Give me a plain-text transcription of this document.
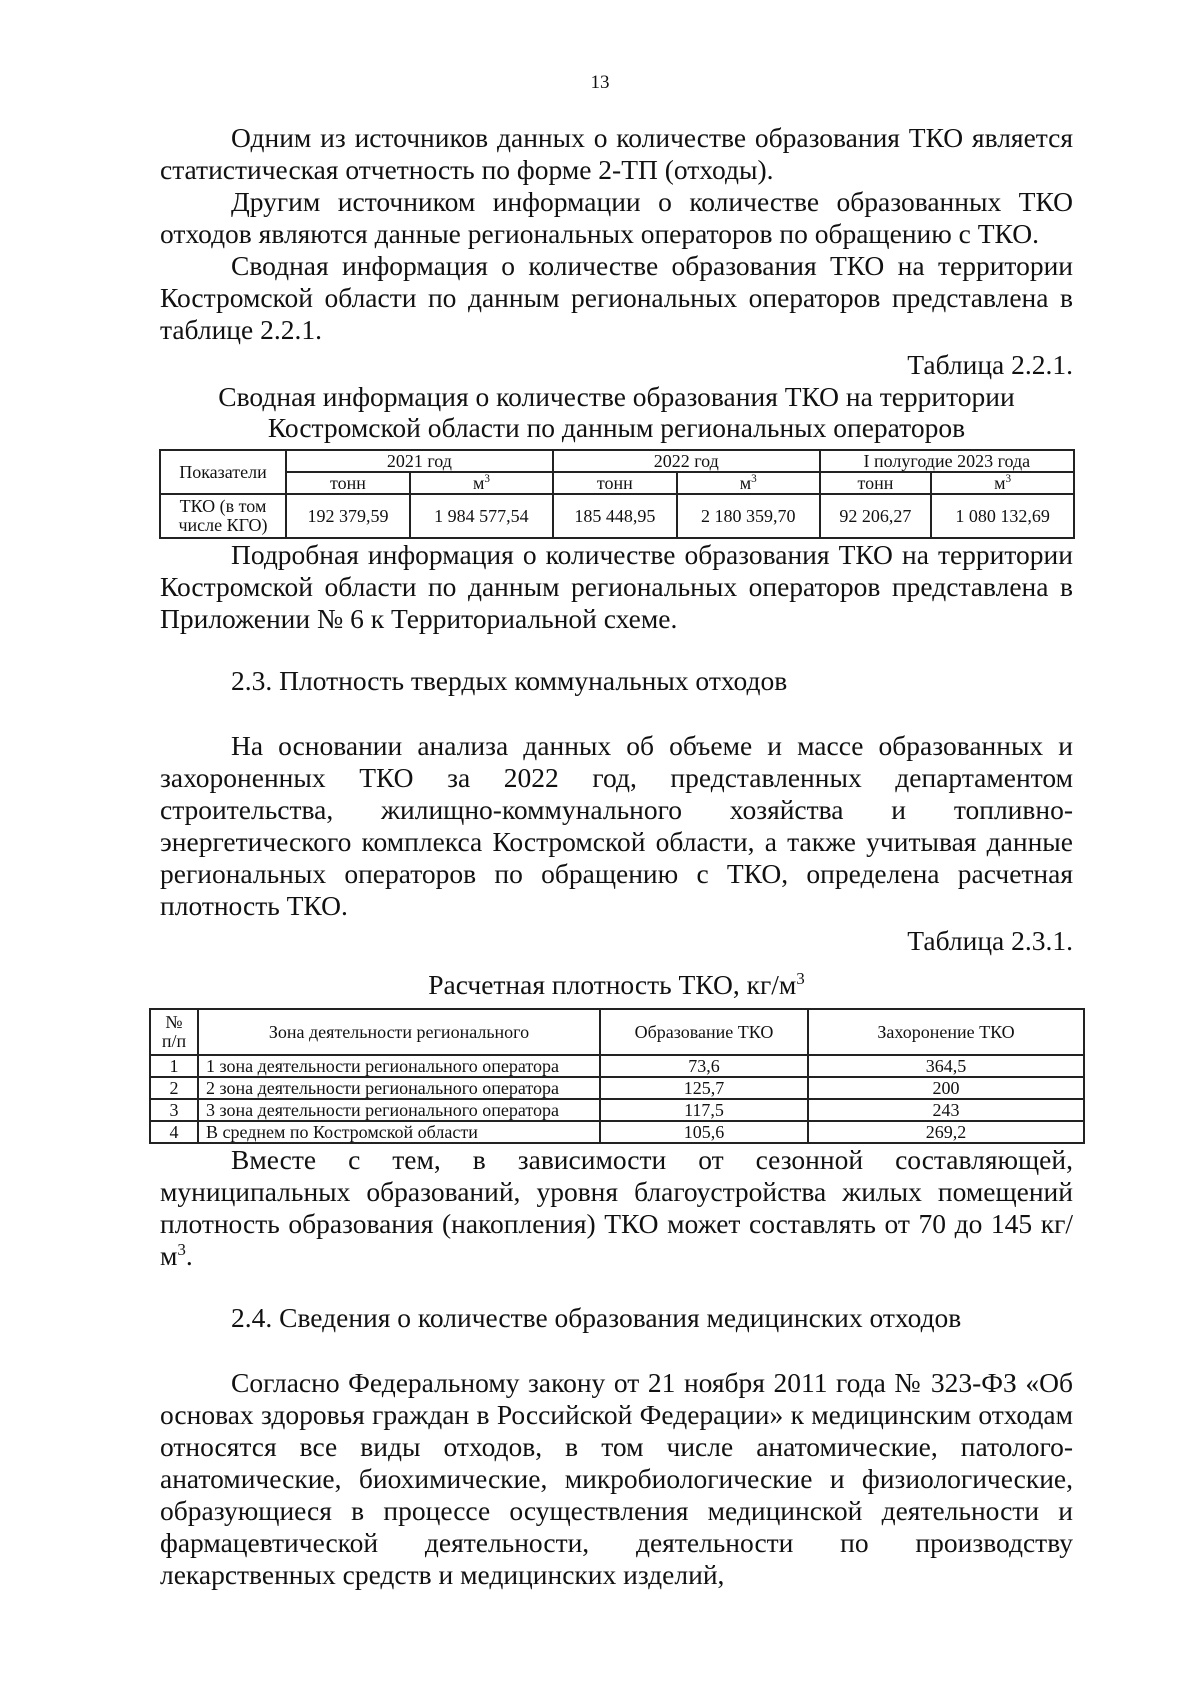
13

Одним из источников данных о количестве образования ТКО является статистическая отчетность по форме 2-ТП (отходы).

Другим источником информации о количестве образованных ТКО отходов являются данные региональных операторов по обращению с ТКО.

Сводная информация о количестве образования ТКО на территории Костромской области по данным региональных операторов представлена в таблице 2.2.1.

Таблица 2.2.1.
Сводная информация о количестве образования ТКО на территории
Костромской области по данным региональных операторов
Показатели	2021 год		2022 год		I полугодие 2023 года	
	тонн	$м^3$	тонн	$м^3$	тонн	$м^3$

ТКО (в том
числе КГО)	192 379,59	1 984 577,54	185 448,95	2 180 359,70	92 206,27	1 080 132,69

Подробная информация о количестве образования ТКО на территории Костромской области по данным региональных операторов представлена в Приложении № 6 к Территориальной схеме.

2.3. Плотность твердых коммунальных отходов

На основании анализа данных об объеме и массе образованных и захороненных ТКО за 2022 год, представленных департаментом строительства, жилищно-коммунального хозяйства и топливно-энергетического комплекса Костромской области, а также учитывая данные региональных операторов по обращению с ТКО, определена расчетная плотность ТКО.

Таблица 2.3.1.
Расчетная плотность ТКО, $кг/м^3$
№
п/п	Зона деятельности регионального	Образование ТКО	Захоронение ТКО
1	1 зона деятельности регионального оператора	73,6	364,5
2	2 зона деятельности регионального оператора	125,7	200
3	3 зона деятельности регионального оператора	117,5	243
4	В среднем по Костромской области	105,6	269,2

Вместе с тем, в зависимости от сезонной составляющей, муниципальных образований, уровня благоустройства жилых помещений плотность образования (накопления) ТКО может составлять от 70 до 145 $кг/м^3$.

2.4. Сведения о количестве образования медицинских отходов

Согласно Федеральному закону от 21 ноября 2011 года № 323-ФЗ «Об основах здоровья граждан в Российской Федерации» к медицинским отходам относятся все виды отходов, в том числе анатомические, патолого-анатомические, биохимические, микробиологические и физиологические, образующиеся в процессе осуществления медицинской деятельности и фармацевтической деятельности, деятельности по производству лекарственных средств и медицинских изделий,
